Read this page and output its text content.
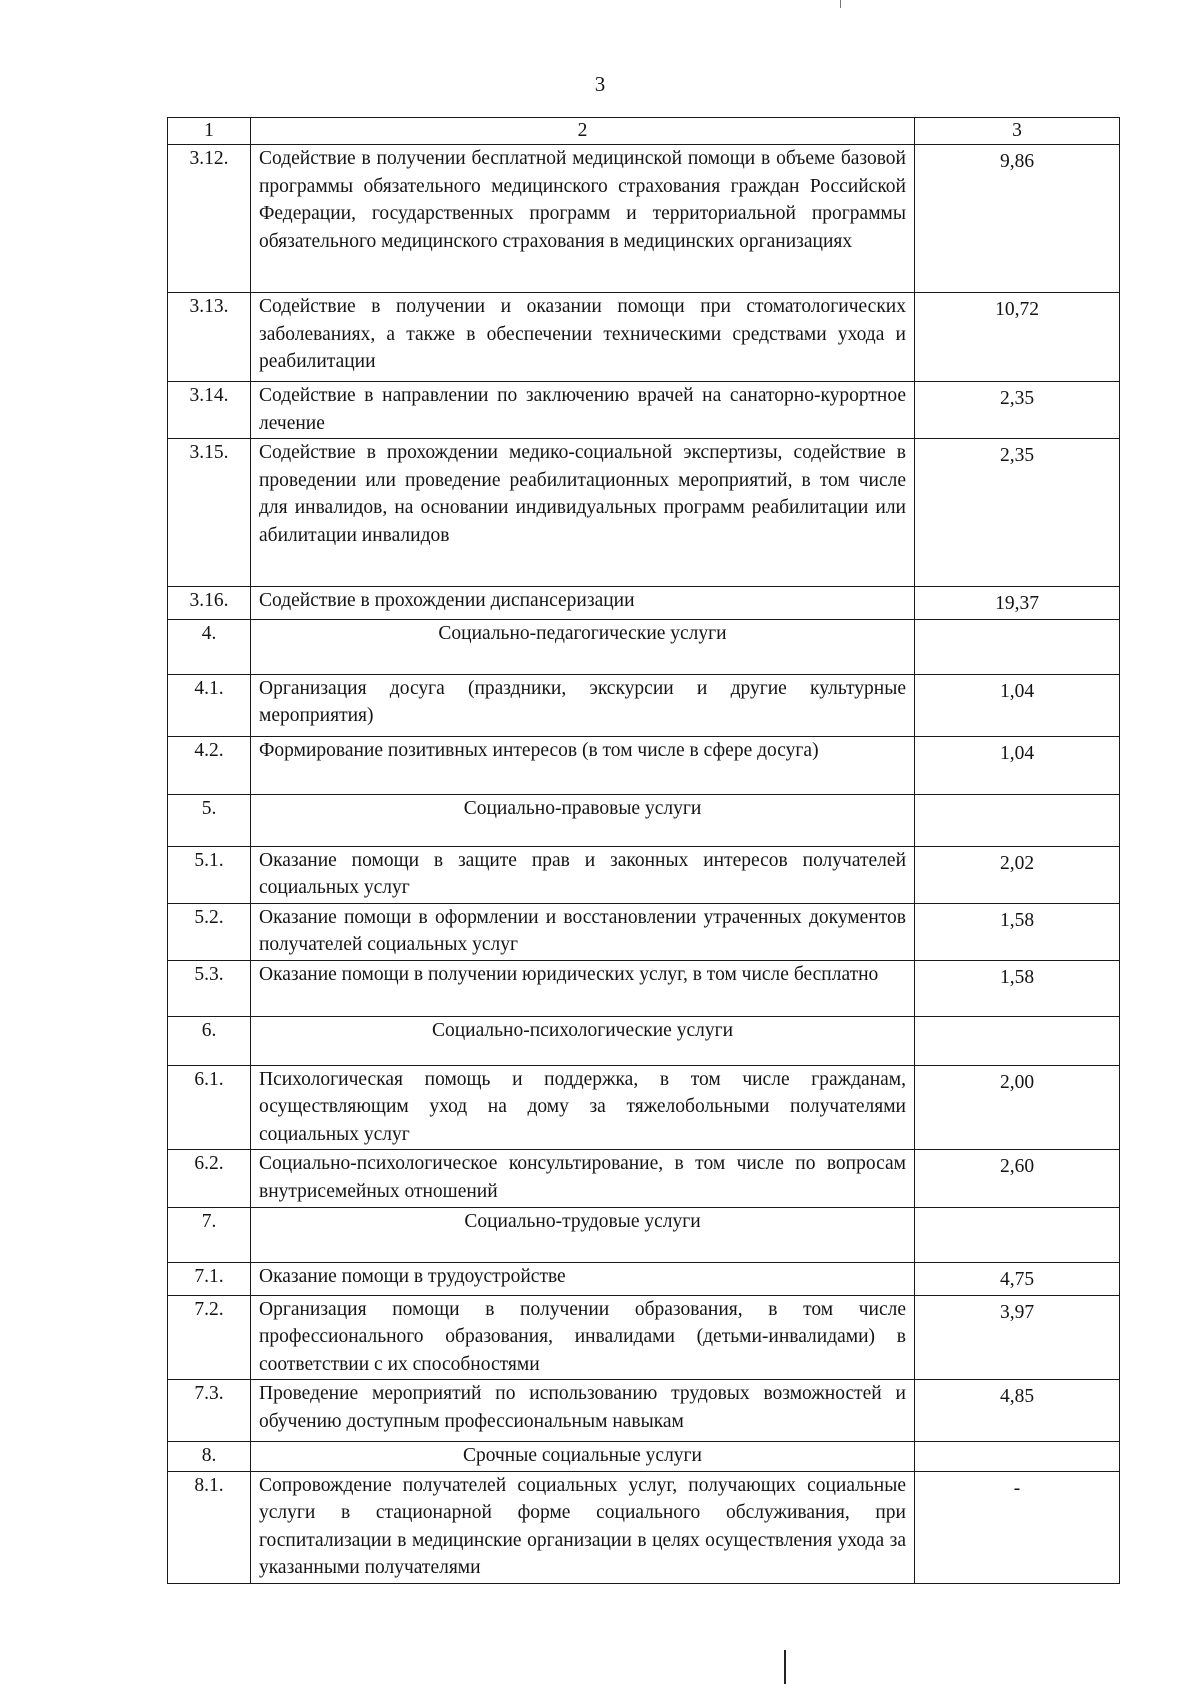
3
1	2	3
3.12.	Содействие в получении бесплатной медицинской помощи в объеме базовой программы обязательного медицинского страхования граждан Российской Федерации, государственных программ и территориальной программы обязательного медицинского страхования в медицинских организациях	9,86
3.13.	Содействие в получении и оказании помощи при стоматологических заболеваниях, а также в обеспечении техническими средствами ухода и реабилитации	10,72
3.14.	Содействие в направлении по заключению врачей на санаторно-курортное лечение	2,35
3.15.	Содействие в прохождении медико-социальной экспертизы, содействие в проведении или проведение реабилитационных мероприятий, в том числе для инвалидов, на основании индивидуальных программ реабилитации или абилитации инвалидов	2,35
3.16.	Содействие в прохождении диспансеризации	19,37
4.	Социально-педагогические услуги	
4.1.	Организация досуга (праздники, экскурсии и другие культурные мероприятия)	1,04
4.2.	Формирование позитивных интересов (в том числе в сфере досуга)	1,04
5.	Социально-правовые услуги	
5.1.	Оказание помощи в защите прав и законных интересов получателей социальных услуг	2,02
5.2.	Оказание помощи в оформлении и восстановлении утраченных документов получателей социальных услуг	1,58
5.3.	Оказание помощи в получении юридических услуг, в том числе бесплатно	1,58
6.	Социально-психологические услуги	
6.1.	Психологическая помощь и поддержка, в том числе гражданам, осуществляющим уход на дому за тяжелобольными получателями социальных услуг	2,00
6.2.	Социально-психологическое консультирование, в том числе по вопросам внутрисемейных отношений	2,60
7.	Социально-трудовые услуги	
7.1.	Оказание помощи в трудоустройстве	4,75
7.2.	Организация помощи в получении образования, в том числе профессионального образования, инвалидами (детьми-инвалидами) в соответствии с их способностями	3,97
7.3.	Проведение мероприятий по использованию трудовых возможностей и обучению доступным профессиональным навыкам	4,85
8.	Срочные социальные услуги	
8.1.	Сопровождение получателей социальных услуг, получающих социальные услуги в стационарной форме социального обслуживания, при госпитализации в медицинские организации в целях осуществления ухода за указанными получателями	-
